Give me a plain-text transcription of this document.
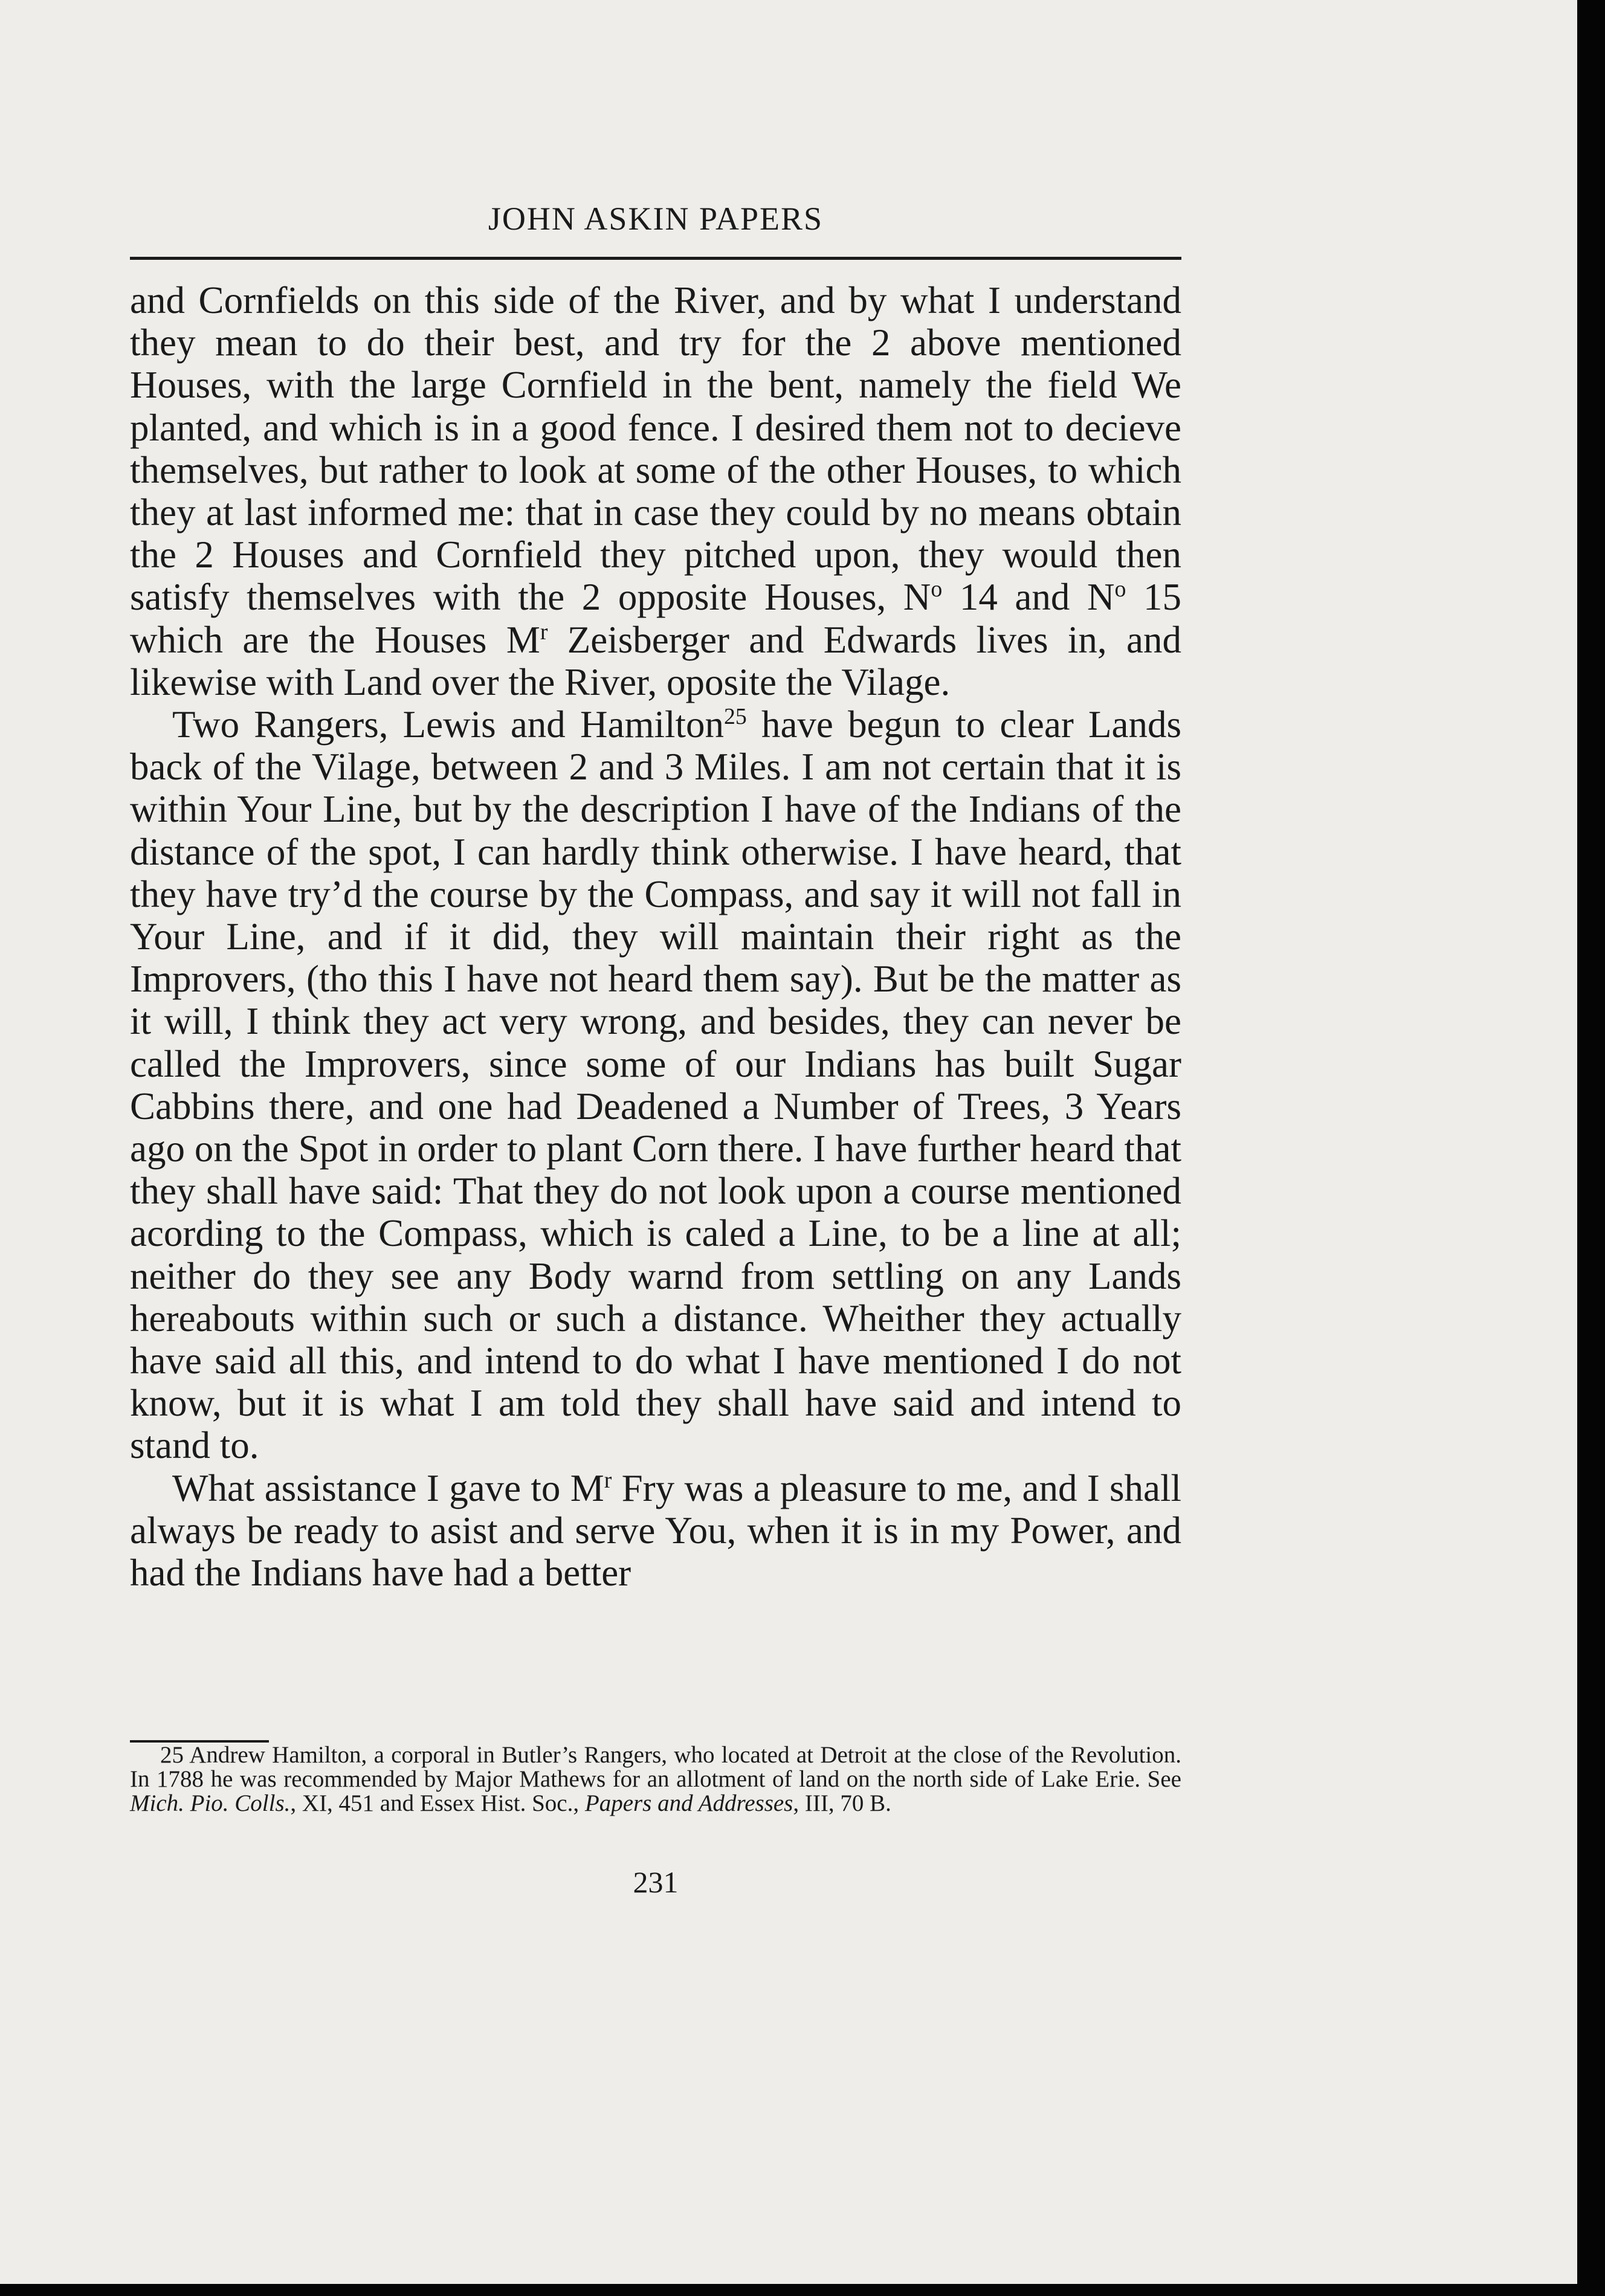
JOHN ASKIN PAPERS

and Cornfields on this side of the River, and by what I understand they mean to do their best, and try for the 2 above mentioned Houses, with the large Cornfield in the bent, namely the field We planted, and which is in a good fence. I desired them not to decieve themselves, but rather to look at some of the other Houses, to which they at last informed me: that in case they could by no means obtain the 2 Houses and Cornfield they pitched upon, they would then satisfy themselves with the 2 opposite Houses, $N^o$ 14 and $N^o$ 15 which are the Houses $M^r$ Zeisberger and Edwards lives in, and likewise with Land over the River, oposite the Vilage.

Two Rangers, Lewis and Hamilton$^{25}$ have begun to clear Lands back of the Vilage, between 2 and 3 Miles. I am not certain that it is within Your Line, but by the description I have of the Indians of the distance of the spot, I can hardly think otherwise. I have heard, that they have try’d the course by the Compass, and say it will not fall in Your Line, and if it did, they will maintain their right as the Improvers, (tho this I have not heard them say). But be the matter as it will, I think they act very wrong, and besides, they can never be called the Improvers, since some of our Indians has built Sugar Cabbins there, and one had Deadened a Number of Trees, 3 Years ago on the Spot in order to plant Corn there. I have further heard that they shall have said: That they do not look upon a course mentioned acording to the Compass, which is caled a Line, to be a line at all; neither do they see any Body warnd from settling on any Lands hereabouts within such or such a distance. Wheither they actually have said all this, and intend to do what I have mentioned I do not know, but it is what I am told they shall have said and intend to stand to.

What assistance I gave to $M^r$ Fry was a pleasure to me, and I shall always be ready to asist and serve You, when it is in my Power, and had the Indians have had a better

25 Andrew Hamilton, a corporal in Butler’s Rangers, who located at Detroit at the close of the Revolution. In 1788 he was recommended by Major Mathews for an allotment of land on the north side of Lake Erie. See Mich. Pio. Colls., XI, 451 and Essex Hist. Soc., Papers and Addresses, III, 70 B.
231
